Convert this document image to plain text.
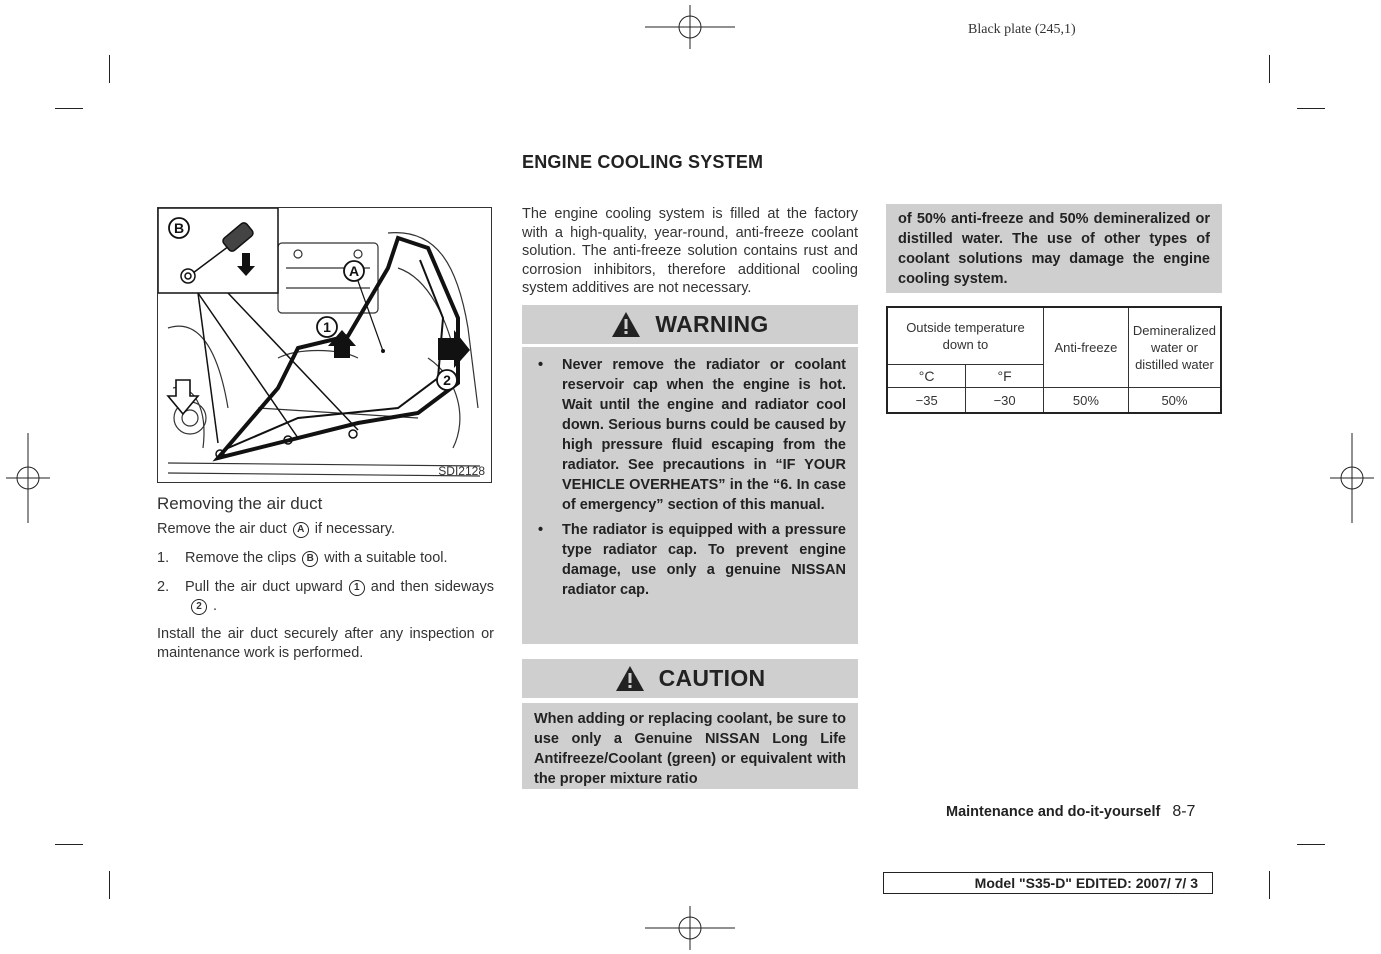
Black plate (245,1)
ENGINE COOLING SYSTEM
B
A
1
2
SDI2128
Removing the air duct
Remove the air duct A if necessary.
1. Remove the clips B with a suitable tool.
2. Pull the air duct upward 1 and then sideways2 .
Install the air duct securely after any inspection or maintenance work is performed.
The engine cooling system is filled at the factory with a high-quality, year-round, anti-freeze coolant solution. The anti-freeze solution contains rust and corrosion inhibitors, therefore additional cooling system additives are not necessary.
WARNING
• Never remove the radiator or coolant reservoir cap when the engine is hot. Wait until the engine and radiator cool down. Serious burns could be caused by high pressure fluid escaping from the radiator. See precautions in “IF YOUR VEHICLE OVERHEATS” in the “6. In case of emergency” section of this manual.
• The radiator is equipped with a pressure type radiator cap. To prevent engine damage, use only a genuine NISSAN radiator cap.
CAUTION
When adding or replacing coolant, be sure to use only a Genuine NISSAN Long Life Antifreeze/Coolant (green) or equivalent with the proper mixture ratio
of 50% anti-freeze and 50% demineralized or distilled water. The use of other types of coolant solutions may damage the engine cooling system.
Outside temperature down to		Anti-freeze	Demineralized water or distilled water
°C	°F		
−35	−30	50%	50%
Maintenance and do-it-yourself 8-7
Model "S35-D" EDITED: 2007/ 7/ 3
